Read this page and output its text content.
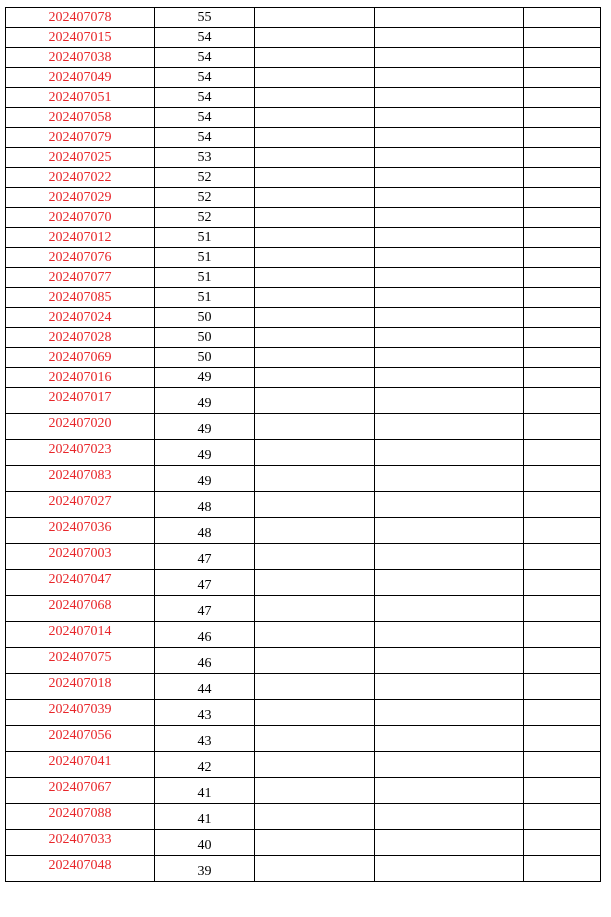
202407078	55			
202407015	54			
202407038	54			
202407049	54			
202407051	54			
202407058	54			
202407079	54			
202407025	53			
202407022	52			
202407029	52			
202407070	52			
202407012	51			
202407076	51			
202407077	51			
202407085	51			
202407024	50			
202407028	50			
202407069	50			
202407016	49			
202407017	49			
202407020	49			
202407023	49			
202407083	49			
202407027	48			
202407036	48			
202407003	47			
202407047	47			
202407068	47			
202407014	46			
202407075	46			
202407018	44			
202407039	43			
202407056	43			
202407041	42			
202407067	41			
202407088	41			
202407033	40			
202407048	39			
